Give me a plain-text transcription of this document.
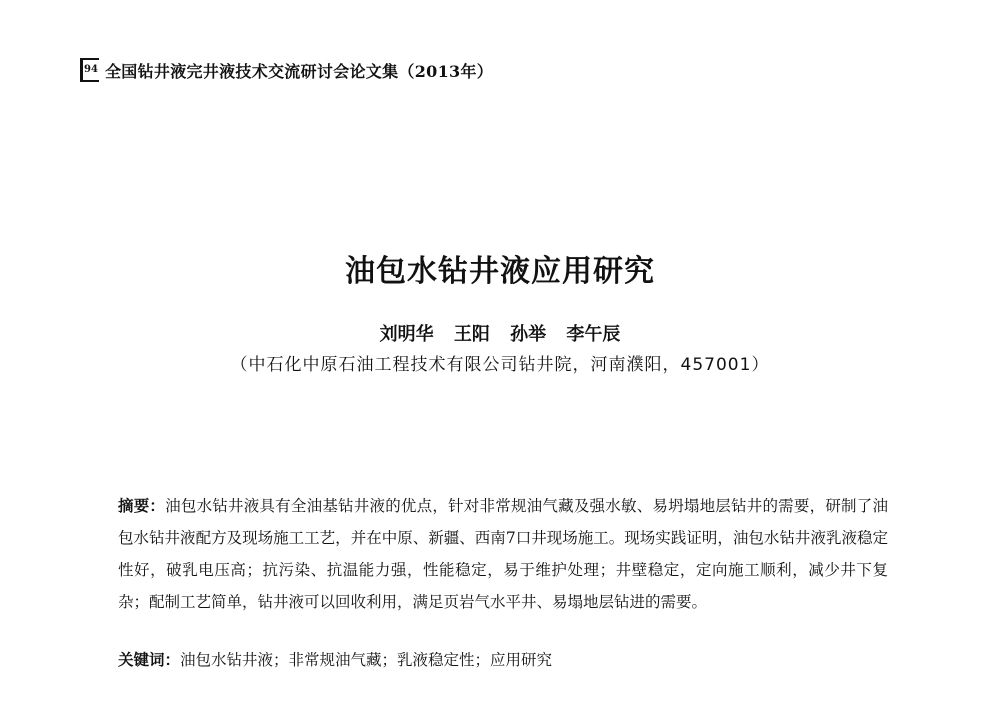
94 全国钻井液完井液技术交流研讨会论文集（2013年）
油包水钻井液应用研究
刘明华 王阳 孙举 李午辰
（中石化中原石油工程技术有限公司钻井院，河南濮阳，457001）

摘要：油包水钻井液具有全油基钻井液的优点，针对非常规油气藏及强水敏、易坍塌地层钻井的需要，研制了油包水钻井液配方及现场施工工艺，并在中原、新疆、西南7口井现场施工。现场实践证明，油包水钻井液乳液稳定性好，破乳电压高；抗污染、抗温能力强，性能稳定，易于维护处理；井壁稳定，定向施工顺利，减少井下复杂；配制工艺简单，钻井液可以回收利用，满足页岩气水平井、易塌地层钻进的需要。

关键词：油包水钻井液；非常规油气藏；乳液稳定性；应用研究
